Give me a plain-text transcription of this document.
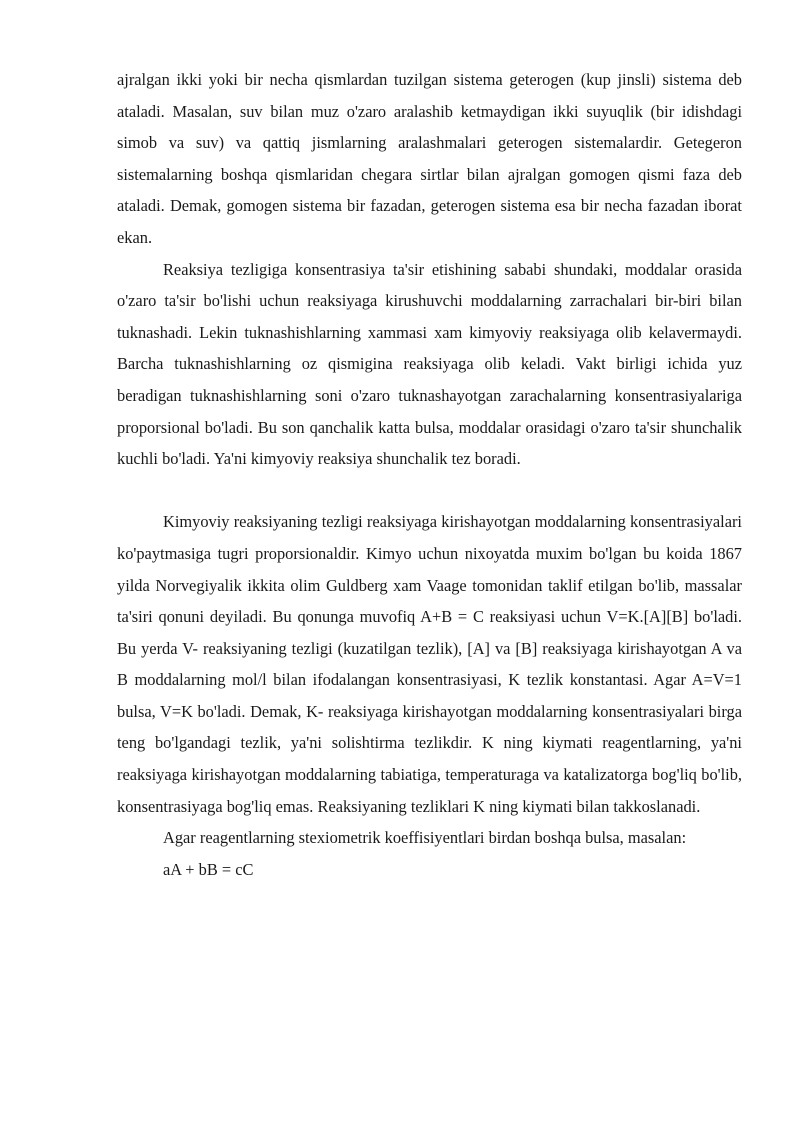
ajralgan ikki yoki bir necha qismlardan tuzilgan sistema geterogen (kup jinsli) sistema deb ataladi. Masalan, suv bilan muz o'zaro aralashib ketmaydigan ikki suyuqlik (bir idishdagi simob va suv) va qattiq jismlarning aralashmalari geterogen sistemalardir. Getegeron sistemalarning boshqa qismlaridan chegara sirtlar bilan ajralgan gomogen qismi faza deb ataladi. Demak, gomogen sistema bir fazadan, geterogen sistema esa bir necha fazadan iborat ekan.

Reaksiya tezligiga konsentrasiya ta'sir etishining sababi shundaki, moddalar orasida o'zaro ta'sir bo'lishi uchun reaksiyaga kirushuvchi moddalarning zarrachalari bir-biri bilan tuknashadi. Lekin tuknashishlarning xammasi xam kimyoviy reaksiyaga olib kelavermaydi. Barcha tuknashishlarning oz qismigina reaksiyaga olib keladi. Vakt birligi ichida yuz beradigan tuknashishlarning soni o'zaro tuknashayotgan zarachalarning konsentrasiyalariga proporsional bo'ladi. Bu son qanchalik katta bulsa, moddalar orasidagi o'zaro ta'sir shunchalik kuchli bo'ladi. Ya'ni kimyoviy reaksiya shunchalik tez boradi.

Kimyoviy reaksiyaning tezligi reaksiyaga kirishayotgan moddalarning konsentrasiyalari ko'paytmasiga tugri proporsionaldir. Kimyo uchun nixoyatda muxim bo'lgan bu koida 1867 yilda Norvegiyalik ikkita olim Guldberg xam Vaage tomonidan taklif etilgan bo'lib, massalar ta'siri qonuni deyiladi. Bu qonunga muvofiq A+B = C reaksiyasi uchun V=K.[A][B] bo'ladi. Bu yerda V- reaksiyaning tezligi (kuzatilgan tezlik), [A] va [B] reaksiyaga kirishayotgan A va B moddalarning mol/l bilan ifodalangan konsentrasiyasi, K tezlik konstantasi. Agar A=V=1 bulsa, V=K bo'ladi. Demak, K- reaksiyaga kirishayotgan moddalarning konsentrasiyalari birga teng bo'lgandagi tezlik, ya'ni solishtirma tezlikdir. K ning kiymati reagentlarning, ya'ni reaksiyaga kirishayotgan moddalarning tabiatiga, temperaturaga va katalizatorga bog'liq bo'lib, konsentrasiyaga bog'liq emas. Reaksiyaning tezliklari K ning kiymati bilan takkoslanadi.

Agar reagentlarning stexiometrik koeffisiyentlari birdan boshqa bulsa, masalan:

aA + bB = cC
